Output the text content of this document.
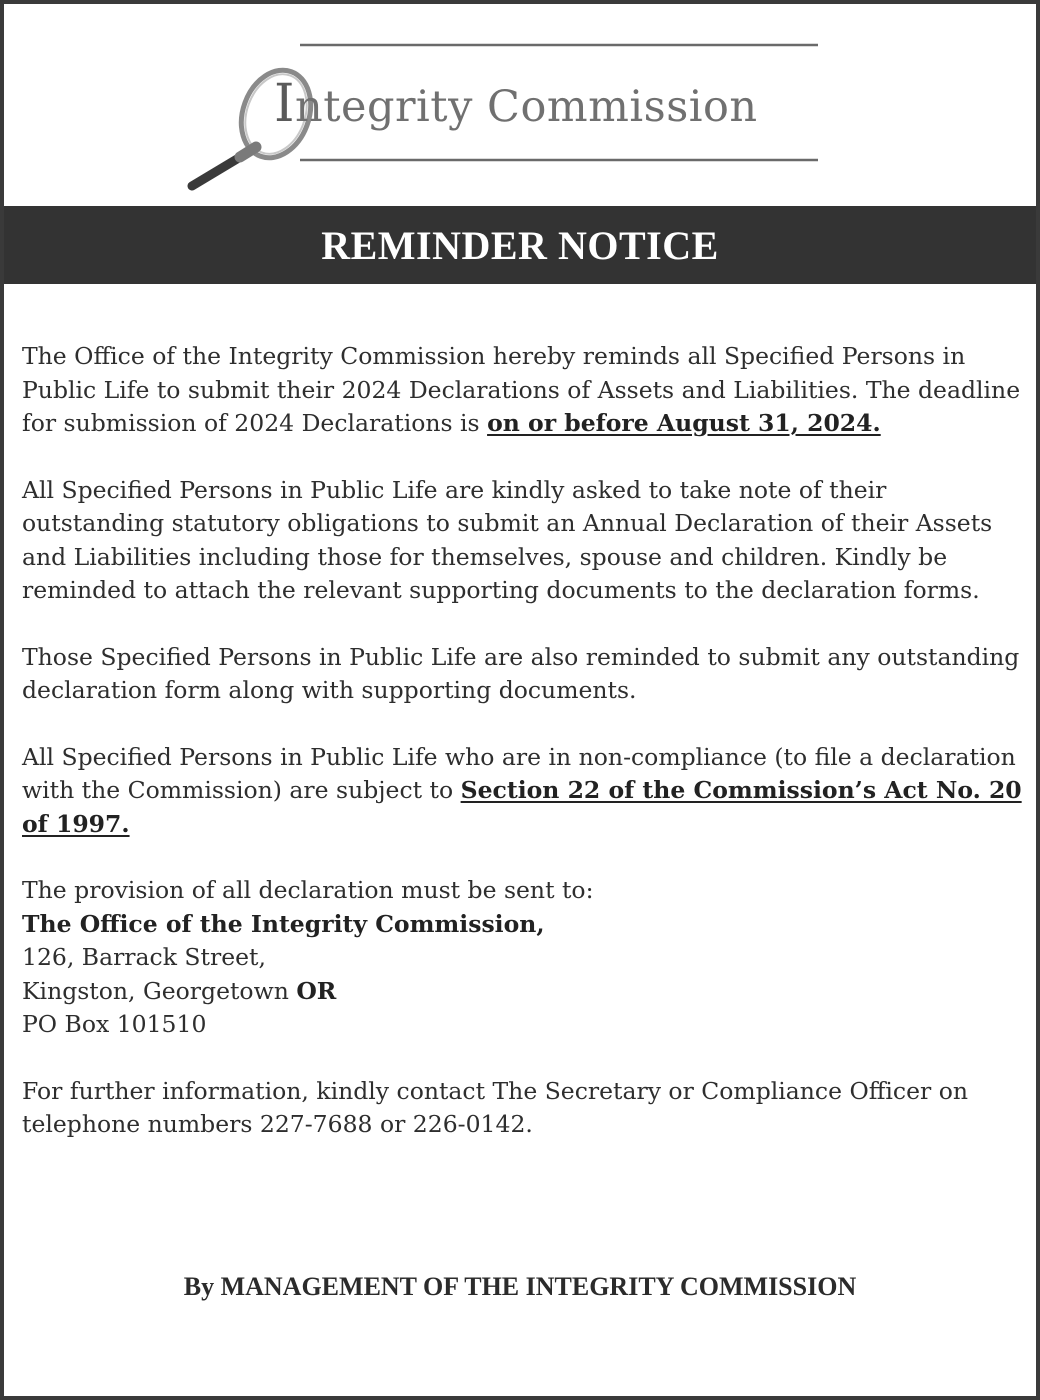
Integrity Commission
REMINDER NOTICE

The Office of the Integrity Commission hereby reminds all Specified Persons in Public Life to submit their 2024 Declarations of Assets and Liabilities. The deadline for submission of 2024 Declarations is on or before August 31, 2024.

All Specified Persons in Public Life are kindly asked to take note of their outstanding statutory obligations to submit an Annual Declaration of their Assets and Liabilities including those for themselves, spouse and children. Kindly be reminded to attach the relevant supporting documents to the declaration forms.

Those Specified Persons in Public Life are also reminded to submit any outstanding declaration form along with supporting documents.

All Specified Persons in Public Life who are in non-compliance (to file a declaration with the Commission) are subject to Section 22 of the Commission’s Act No. 20 of 1997.

The provision of all declaration must be sent to:
The Office of the Integrity Commission,
126, Barrack Street,
Kingston, Georgetown OR
PO Box 101510

For further information, kindly contact The Secretary or Compliance Officer on telephone numbers 227-7688 or 226-0142.

By MANAGEMENT OF THE INTEGRITY COMMISSION
